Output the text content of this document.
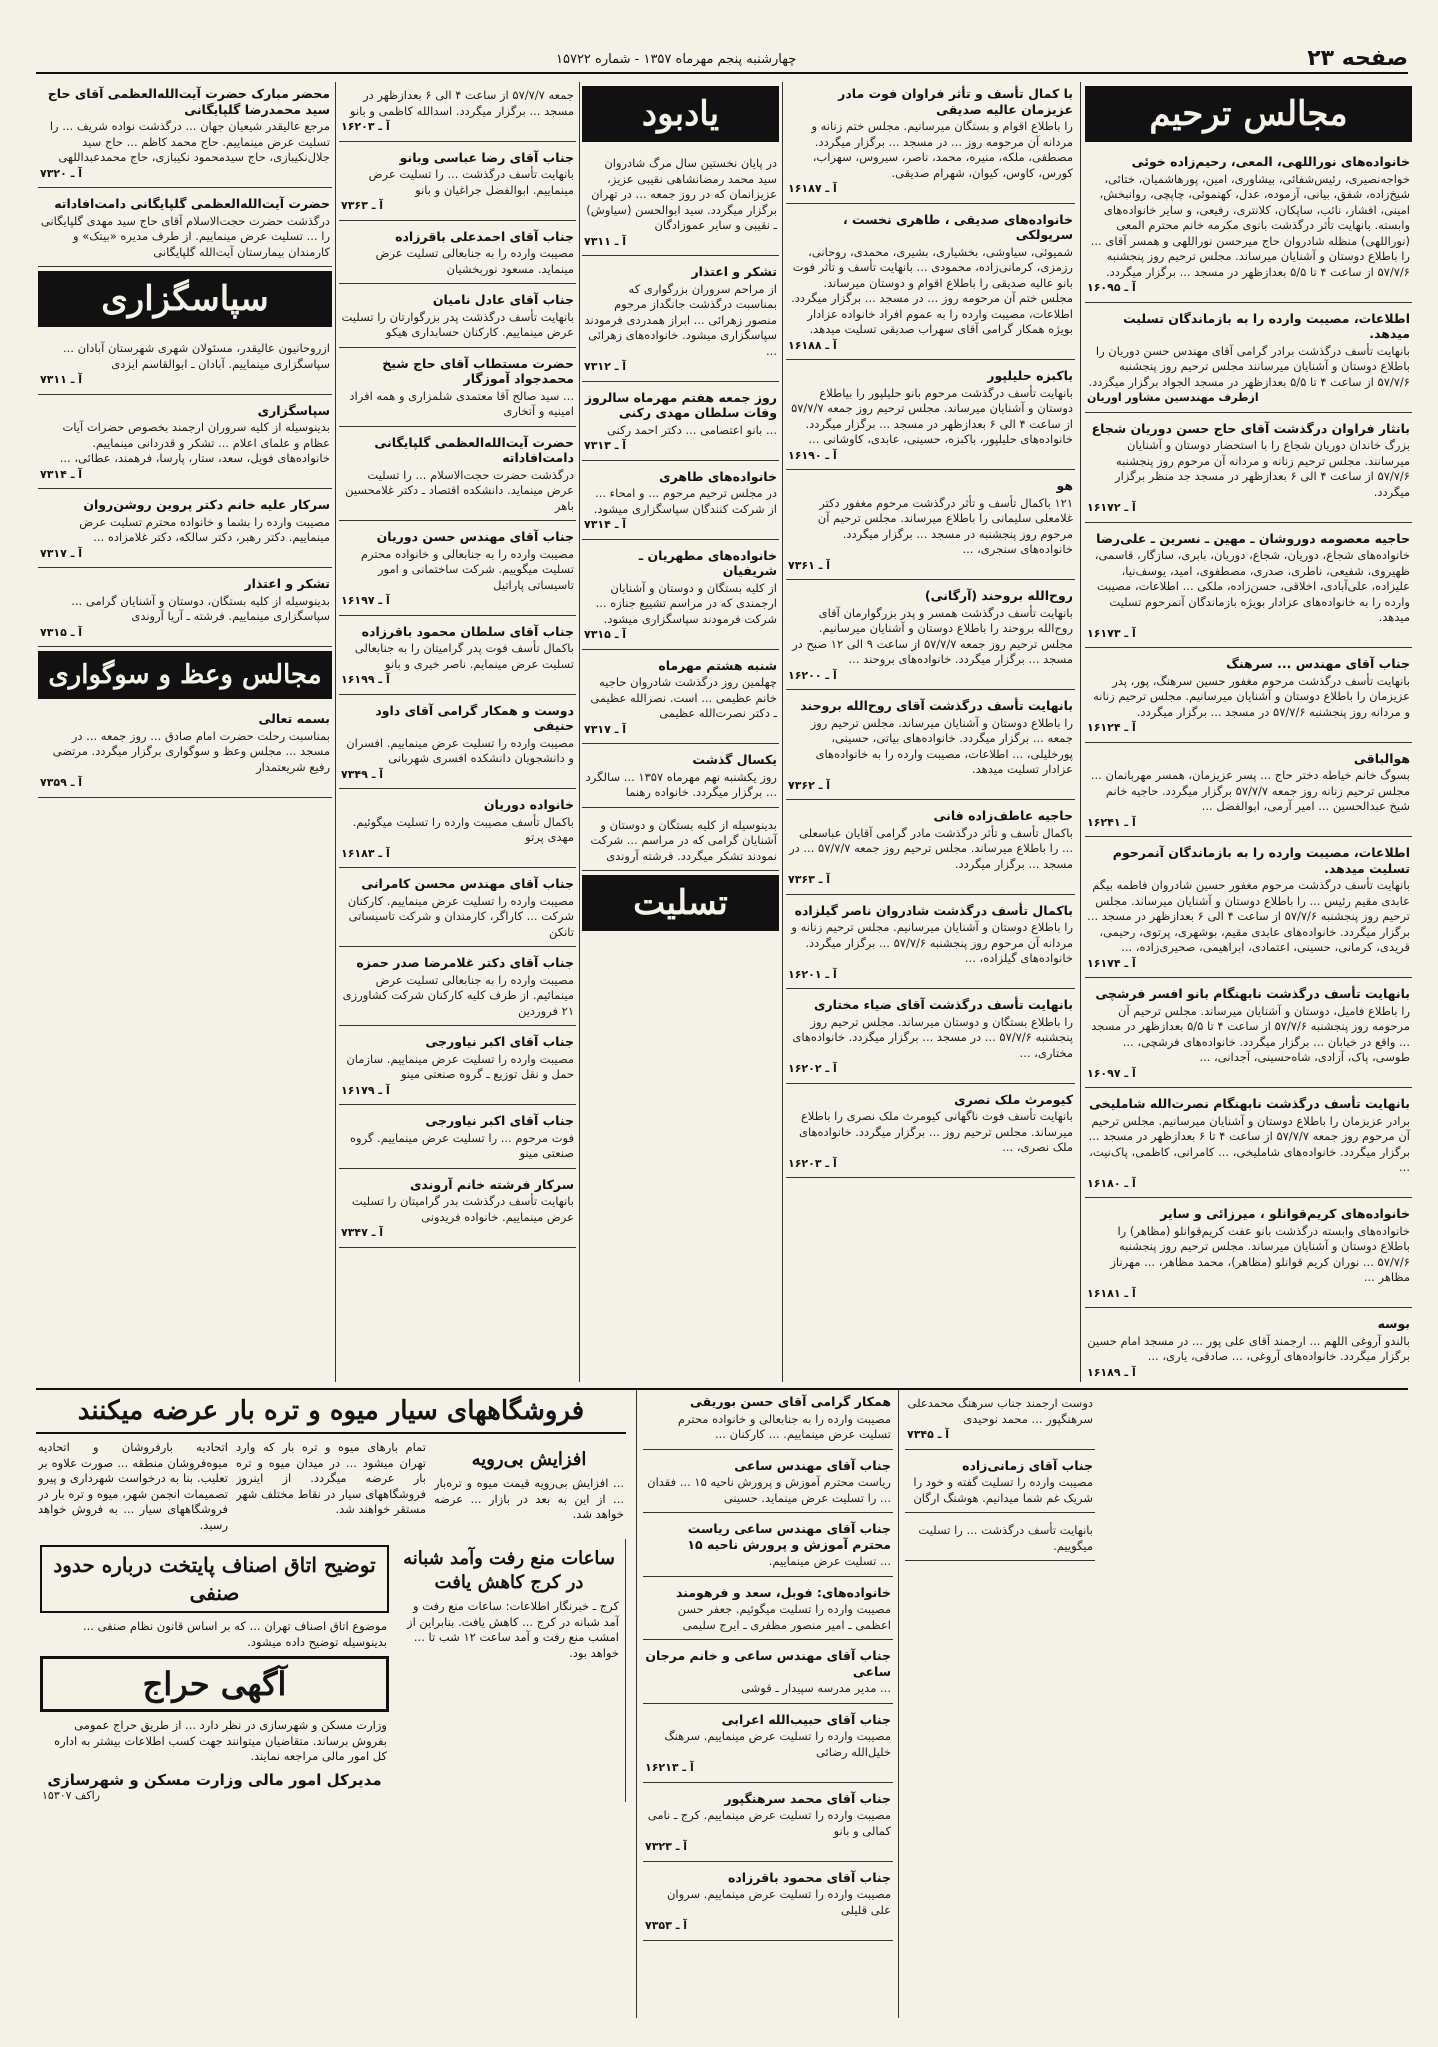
صفحه ۲۳
چهارشنبه پنجم مهرماه ۱۳۵۷ - شماره ۱۵۷۲۲
مجالس ترحیم
خانواده‌های نوراللهی، المعی، رحیم‌زاده خوئی
خواجه‌نصیری، رئیس‌شفائی، بیشاوری، امین، پورهاشمیان، ختائی، شیخ‌زاده، شفق، بیانی، آزموده، عدل، کهنموئی، چاپچی، روانبخش، امینی، افشار، نائب، ساپکان، کلانتری، رفیعی، و سایر خانواده‌های وابسته. بانهایت تأثر درگذشت بانوی مکرمه خانم محترم المعی (نوراللهی) منظله شادروان حاج میرحسن نوراللهی و همسر آقای ... را باطلاع دوستان و آشنایان میرساند. مجلس ترحیم روز پنجشنبه ۵۷/۷/۶ از ساعت ۴ تا ۵/۵ بعدازظهر در مسجد ... برگزار میگردد.
آ ـ ۱۶۰۹۵
اطلاعات، مصیبت وارده را به بازماندگان تسلیت میدهد.
بانهایت تأسف درگذشت برادر گرامی آقای مهندس حسن دوریان را باطلاع دوستان و آشنایان میرسانند مجلس ترحیم روز پنجشنبه ۵۷/۷/۶ از ساعت ۴ تا ۵/۵ بعدازظهر در مسجد الجواد برگزار میگردد.
ازطرف مهندسین مشاور اوریان
بانثار فراوان درگذشت آقای حاج حسن دوریان شجاع
بزرگ خاندان دوریان شجاع را با استحضار دوستان و آشنایان میرسانند. مجلس ترحیم زنانه و مردانه آن مرحوم روز پنجشنبه ۵۷/۷/۶ از ساعت ۴ الی ۶ بعدازظهر در مسجد جد منظر برگزار میگردد.
آ ـ ۱۶۱۷۲
حاجیه معصومه دوروشان ـ مهین ـ نسرین ـ علی‌رضا
خانواده‌های شجاع، دوریان، شجاع، دوریان، بابری، سازگار، قاسمی، ظهیروی، شفیعی، ناطری، صدری، مصطفوی، امید، یوسف‌نیا، علیزاده، علی‌آبادی، اخلاقی، حسن‌زاده، ملکی ... اطلاعات، مصیبت وارده را به خانواده‌های عزادار بویژه بازماندگان آنمرحوم تسلیت میدهد.
آ ـ ۱۶۱۷۳
جناب آقای مهندس ... سرهنگ
بانهایت تأسف درگذشت مرحوم مغفور حسین سرهنگ، پور، پدر عزیزمان را باطلاع دوستان و آشنایان میرسانیم. مجلس ترحیم زنانه و مردانه روز پنجشنبه ۵۷/۷/۶ در مسجد ... برگزار میگردد.
آ ـ ۱۶۱۲۴
هوالباقی
بسوگ خانم خیاطه دختر حاج ... پسر عزیزمان، همسر مهربانمان ... مجلس ترحیم زنانه روز جمعه ۵۷/۷/۷ برگزار میگردد. حاجیه خانم شیخ عبدالحسین ... امیر آرمی، ابوالفضل ...
آ ـ ۱۶۲۴۱
اطلاعات، مصیبت وارده را به بازماندگان آنمرحوم تسلیت میدهد.
بانهایت تأسف درگذشت مرحوم مغفور حسین شادروان فاطمه بیگم عابدی مقیم رئیس ... را باطلاع دوستان و آشنایان میرساند. مجلس ترحیم روز پنجشنبه ۵۷/۷/۶ از ساعت ۴ الی ۶ بعدازظهر در مسجد ... برگزار میگردد. خانواده‌های عابدی مقیم، بوشهری، پرتوی، رحیمی، قریدی، کرمانی، حسینی، اعتمادی، ابراهیمی، صحیری‌زاده، ...
آ ـ ۱۶۱۷۴
بانهایت تأسف درگذشت نابهنگام بانو افسر فرشچی
را باطلاع فامیل، دوستان و آشنایان میرساند. مجلس ترحیم آن مرحومه روز پنجشنبه ۵۷/۷/۶ از ساعت ۴ تا ۵/۵ بعدازظهر در مسجد ... واقع در خیابان ... برگزار میگردد. خانواده‌های فرشچی، ... طوسی، پاک، آزادی، شاه‌حسینی، آجدانی، ...
آ ـ ۱۶۰۹۷
بانهایت تأسف درگذشت نابهنگام نصرت‌الله شاملیخی
برادر عزیزمان را باطلاع دوستان و آشنایان میرسانیم. مجلس ترحیم آن مرحوم روز جمعه ۵۷/۷/۷ از ساعت ۴ تا ۶ بعدازظهر در مسجد ... برگزار میگردد. خانواده‌های شاملیخی، ... کامرانی، کاظمی، پاک‌نیت، ...
آ ـ ۱۶۱۸۰
خانواده‌های کریم‌قوانلو ، میرزائی و سایر
خانواده‌های وابسته درگذشت بانو عفت کریم‌قوانلو (مظاهر) را باطلاع دوستان و آشنایان میرساند. مجلس ترحیم روز پنجشنبه ۵۷/۷/۶ ... نوران کریم قوانلو (مظاهر)، محمد مظاهر، ... مهرناز مظاهر ...
آ ـ ۱۶۱۸۱
بوسه
بالندو آروغی اللهم ... ارجمند آقای علی پور ... در مسجد امام حسین برگزار میگردد. خانواده‌های آروغی، ... صادقی، یاری، ...
آ ـ ۱۶۱۸۹
با کمال تأسف و تأثر فراوان فوت مادر عزیزمان عالیه صدیقی
را باطلاع اقوام و بستگان میرسانیم. مجلس ختم زنانه و مردانه آن مرحومه روز ... در مسجد ... برگزار میگردد. مصطفی، ملکه، منیره، محمد، ناصر، سیروس، سهراب، کورس، کاوس، کیوان، شهرام صدیقی.
آ ـ ۱۶۱۸۷
خانواده‌های صدیقی ، طاهری نخست ، سرپولکی
شمیوئی، سیاوشی، بخشیاری، بشیری، محمدی، روحانی، رزمزی، کرمانی‌زاده، محمودی ... بانهایت تأسف و تأثر فوت بانو عالیه صدیقی را باطلاع اقوام و دوستان میرساند. مجلس ختم آن مرحومه روز ... در مسجد ... برگزار میگردد. اطلاعات، مصیبت وارده را به عموم افراد خانواده عزادار بویژه همکار گرامی آقای سهراب صدیقی تسلیت میدهد.
آ ـ ۱۶۱۸۸
باکبزه حلیلپور
بانهایت تأسف درگذشت مرحوم بانو حلیلپور را بیاطلاع دوستان و آشنایان میرساند. مجلس ترحیم روز جمعه ۵۷/۷/۷ از ساعت ۴ الی ۶ بعدازظهر در مسجد ... برگزار میگردد. خانواده‌های حلیلپور، باکبزه، حسینی، عابدی، کاوشانی ...
آ ـ ۱۶۱۹۰
هو
۱۲۱ باکمال تأسف و تأثر درگذشت مرحوم مغفور دکتر غلامعلی سلیمانی را باطلاع میرساند. مجلس ترحیم آن مرحوم روز پنجشنبه در مسجد ... برگزار میگردد. خانواده‌های سنجری، ...
آ ـ ۷۳۶۱
روح‌الله بروحند (آرگانی)
بانهایت تأسف درگذشت همسر و پدر بزرگوارمان آقای روح‌الله بروحند را باطلاع دوستان و آشنایان میرسانیم. مجلس ترحیم روز جمعه ۵۷/۷/۷ از ساعت ۹ الی ۱۲ صبح در مسجد ... برگزار میگردد. خانواده‌های بروحند ...
آ ـ ۱۶۲۰۰
بانهایت تأسف درگذشت آقای روح‌الله بروحند
را باطلاع دوستان و آشنایان میرساند. مجلس ترحیم روز جمعه ... برگزار میگردد. خانواده‌های بیاتی، حسینی، پورخلیلی، ... اطلاعات، مصیبت وارده را به خانواده‌های عزادار تسلیت میدهد.
آ ـ ۷۳۶۲
حاجیه عاطف‌زاده فانی
باکمال تأسف و تأثر درگذشت مادر گرامی آقایان عباسعلی ... را باطلاع میرساند. مجلس ترحیم روز جمعه ۵۷/۷/۷ ... در مسجد ... برگزار میگردد.
آ ـ ۷۳۶۳
باکمال تأسف درگذشت شادروان ناصر گیلزاده
را باطلاع دوستان و آشنایان میرسانیم. مجلس ترحیم زنانه و مردانه آن مرحوم روز پنجشنبه ۵۷/۷/۶ ... برگزار میگردد. خانواده‌های گیلزاده، ...
آ ـ ۱۶۲۰۱
بانهایت تأسف درگذشت آقای ضیاء مختاری
را باطلاع بستگان و دوستان میرساند. مجلس ترحیم روز پنجشنبه ۵۷/۷/۶ ... در مسجد ... برگزار میگردد. خانواده‌های مختاری، ...
آ ـ ۱۶۲۰۲
کیومرث ملک نصری
بانهایت تأسف فوت ناگهانی کیومرث ملک نصری را باطلاع میرساند. مجلس ترحیم روز ... برگزار میگردد. خانواده‌های ملک نصری، ...
آ ـ ۱۶۲۰۳
یادبود
در پایان نخستین سال مرگ شادروان سید محمد رمضانشاهی نقیبی عزیز، عزیزانمان که در روز جمعه ... در تهران برگزار میگردد. سید ابوالحسن (سیاوش) ـ نقیبی و سایر عموزادگان
آ ـ ۷۳۱۱
تشکر و اعتذار
از مراحم سروران بزرگواری که بمناسبت درگذشت جانگداز مرحوم منصور زهرائی ... ابراز همدردی فرمودند سپاسگزاری میشود. خانواده‌های زهرائی ...
آ ـ ۷۳۱۲
روز جمعه هفتم مهرماه سالروز وفات سلطان مهدی رکنی
... بانو اعتصامی ... دکتر احمد رکنی
آ ـ ۷۳۱۳
خانواده‌های طاهری
در مجلس ترحیم مرحوم ... و امحاء ... از شرکت کنندگان سپاسگزاری میشود.
آ ـ ۷۳۱۴
خانواده‌های مطهریان ـ شریفیان
از کلیه بستگان و دوستان و آشنایان ارجمندی که در مراسم تشییع جنازه ... شرکت فرمودند سپاسگزاری میشود.
آ ـ ۷۳۱۵
شنبه هشتم مهرماه
چهلمین روز درگذشت شادروان حاجیه خانم عظیمی ... است. نصرالله عظیمی ـ دکتر نصرت‌الله عظیمی
آ ـ ۷۳۱۷
یکسال گذشت
روز یکشنبه نهم مهرماه ۱۳۵۷ ... سالگرد ... برگزار میگردد. خانواده رهنما
بدینوسیله از کلیه بستگان و دوستان و آشنایان گرامی که در مراسم ... شرکت نمودند تشکر میگردد. فرشته آروندی
تسلیت
جمعه ۵۷/۷/۷ از ساعت ۴ الی ۶ بعدازظهر در مسجد ... برگزار میگردد. اسدالله کاظمی و بانو
آ ـ ۱۶۲۰۳
جناب آقای رضا عباسی وبانو
بانهایت تأسف درگذشت ... را تسلیت عرض مینماییم. ابوالفضل جراغیان و بانو
آ ـ ۷۳۶۳
جناب آقای احمدعلی باقرزاده
مصیبت وارده را به جنابعالی تسلیت عرض مینماید. مسعود نوربخشیان
جناب آقای عادل نامیان
بانهایت تأسف درگذشت پدر بزرگوارتان را تسلیت عرض مینماییم. کارکنان حسابداری هیکو
حضرت مستطاب آقای حاج شیخ محمدجواد آموزگار
... سید صالح آقا معتمدی شلمزاری و همه افراد امینیه و آتخاری
حضرت آیت‌الله‌العظمی گلپایگانی دامت‌افاداته
درگذشت حضرت حجت‌الاسلام ... را تسلیت عرض مینماید. دانشکده اقتصاد ـ دکتر غلامحسین باهر
جناب آقای مهندس حسن دوریان
مصیبت وارده را به جنابعالی و خانواده محترم تسلیت میگوییم. شرکت ساختمانی و امور تاسیساتی پاراتیل
آ ـ ۱۶۱۹۷
جناب آقای سلطان محمود باقرزاده
باکمال تأسف فوت پدر گرامیتان را به جنابعالی تسلیت عرض مینمایم. ناصر خیری و بانو
آ ـ ۱۶۱۹۹
دوست و همکار گرامی آقای داود حنیفی
مصیبت وارده را تسلیت عرض مینماییم. افسران و دانشجویان دانشکده افسری شهربانی
آ ـ ۷۳۴۹
خانواده دوریان
باکمال تأسف مصیبت وارده را تسلیت میگوئیم. مهدی پرتو
آ ـ ۱۶۱۸۳
جناب آقای مهندس محسن کامرانی
مصیبت وارده را تسلیت عرض مینماییم. کارکنان شرکت ... کاراگر، کارمندان و شرکت تاسیساتی تانکن
جناب آقای دکتر غلامرضا صدر حمزه
مصیبت وارده را به جنابعالی تسلیت عرض مینمائیم. از طرف کلیه کارکنان شرکت کشاورزی ۲۱ فروردین
جناب آقای اکبر نیاورجی
مصیبت وارده را تسلیت عرض مینماییم. سازمان حمل و نقل توزیع ـ گروه صنعتی مینو
آ ـ ۱۶۱۷۹
جناب آقای اکبر نیاورجی
فوت مرحوم ... را تسلیت عرض مینماییم. گروه صنعتی مینو
سرکار فرشته خانم آروندی
بانهایت تأسف درگذشت بدر گرامیتان را تسلیت عرض مینماییم. خانواده فریدونی
آ ـ ۷۳۴۷
محضر مبارک حضرت آیت‌الله‌العظمی آقای حاج سید محمدرضا گلپایگانی
مرجع عالیقدر شیعیان جهان ... درگذشت نواده شریف ... را تسلیت عرض مینماییم. حاج محمد کاظم ... حاج سید جلال‌نکیبازی، حاج سیدمحمود نکیبازی، حاج محمدعبداللهی
آ ـ ۷۳۲۰
حضرت آیت‌الله‌العظمی گلپایگانی دامت‌افاداته
درگذشت حضرت حجت‌الاسلام آقای حاج سید مهدی گلپایگانی را ... تسلیت عرض مینماییم. از طرف مدیره «بیتک» و کارمندان بیمارستان آیت‌الله گلپایگانی
سپاسگزاری
ازروحانیون عالیقدر، مسئولان شهری شهرستان آبادان ... سپاسگزاری مینماییم. آبادان ـ ابوالقاسم ایزدی
آ ـ ۷۳۱۱
سپاسگزاری
بدینوسیله از کلیه سروران ارجمند بخصوص حضرات آیات عظام و علمای اعلام ... تشکر و قدردانی مینماییم. خانواده‌های فویل، سعد، ستار، پارسا، فرهمند، عطائی، ...
آ ـ ۷۳۱۴
سرکار علیه خانم دکتر پروین روشن‌روان
مصیبت وارده را بشما و خانواده محترم تسلیت عرض مینماییم. دکتر رهبر، دکتر سالکه، دکتر غلامزاده ...
آ ـ ۷۳۱۷
تشکر و اعتذار
بدینوسیله از کلیه بستگان، دوستان و آشنایان گرامی ... سپاسگزاری مینماییم. فرشته ـ آریا آروندی
آ ـ ۷۳۱۵
مجالس وعظ و سوگواری
بسمه تعالی
بمناسبت رحلت حضرت امام صادق ... روز جمعه ... در مسجد ... مجلس وعظ و سوگواری برگزار میگردد. مرتضی رفیع شریعتمدار
آ ـ ۷۳۵۹
فروشگاههای سیار میوه و تره بار عرضه میکنند
اتحادیه بارفروشان و اتحادیه میوه‌فروشان منطقه ... صورت علاوه بر تعلیب. بنا به درخواست شهرداری و پیرو تصمیمات انجمن شهر، میوه و تره بار در فروشگاههای سیار ... به فروش خواهد رسید.
تمام بارهای میوه و تره بار که وارد تهران میشود ... در میدان میوه و تره بار عرضه میگردد. از اینروز فروشگاههای سیار در نقاط مختلف شهر مستقر خواهند شد.
افزایش بی‌رویه
... افزایش بی‌رویه قیمت میوه و تره‌بار ... از این به بعد در بازار ... عرضه خواهد شد.
توضیح اتاق اصناف پایتخت درباره حدود صنفی
موضوع اتاق اصناف تهران ... که بر اساس قانون نظام صنفی ... بدینوسیله توضیح داده میشود.
آگهی حراج
وزارت مسکن و شهرسازی در نظر دارد ... از طریق حراج عمومی بفروش برساند. متقاضیان میتوانند جهت کسب اطلاعات بیشتر به اداره کل امور مالی مراجعه نمایند.
مدیرکل امور مالی وزارت مسکن و شهرسازی
راکف ۱۵۳۰۷
ساعات منع رفت وآمد شبانه در کرج کاهش یافت
کرج ـ خبرنگار اطلاعات: ساعات منع رفت و آمد شبانه در کرج ... کاهش یافت. بنابراین از امشب منع رفت و آمد ساعت ۱۲ شب تا ... خواهد بود.
همکار گرامی آقای حسن بوریقی
مصیبت وارده را به جنابعالی و خانواده محترم تسلیت عرض مینماییم. ... کارکنان ...
جناب آقای مهندس ساعی
ریاست محترم آموزش و پرورش ناحیه ۱۵ ... فقدان ... را تسلیت عرض مینماید. حسینی
جناب آقای مهندس ساعی ریاست محترم آموزش و پرورش ناحیه ۱۵
... تسلیت عرض مینماییم.
خانواده‌های: فوبل، سعد و فرهومند
مصیبت وارده را تسلیت میگوئیم. جعفر حسن اعظمی ـ امیر منصور مظفری ـ ایرج سلیمی
جناب آقای مهندس ساعی و خانم مرجان ساعی
... مدیر مدرسه سپیدار ـ قوشی
جناب آقای حبیب‌الله اعرابی
مصیبت وارده را تسلیت عرض مینماییم. سرهنگ خلیل‌الله رضائی
آ ـ ۱۶۲۱۳
جناب آقای محمد سرهنگپور
مصیبت وارده را تسلیت عرض مینماییم. کرج ـ نامی کمالی و بانو
آ ـ ۷۳۲۳
جناب آقای محمود باقرزاده
مصیبت وارده را تسلیت عرض مینماییم. سروان علی قلیلی
آ ـ ۷۳۵۳
دوست ارجمند جناب سرهنگ محمدعلی سرهنگپور ... محمد نوحیدی
آ ـ ۷۳۴۵
جناب آقای زمانی‌زاده
مصیبت وارده را تسلیت گفته و خود را شریک غم شما میدانیم. هوشنگ ارگان
بانهایت تأسف درگذشت ... را تسلیت میگوییم.
